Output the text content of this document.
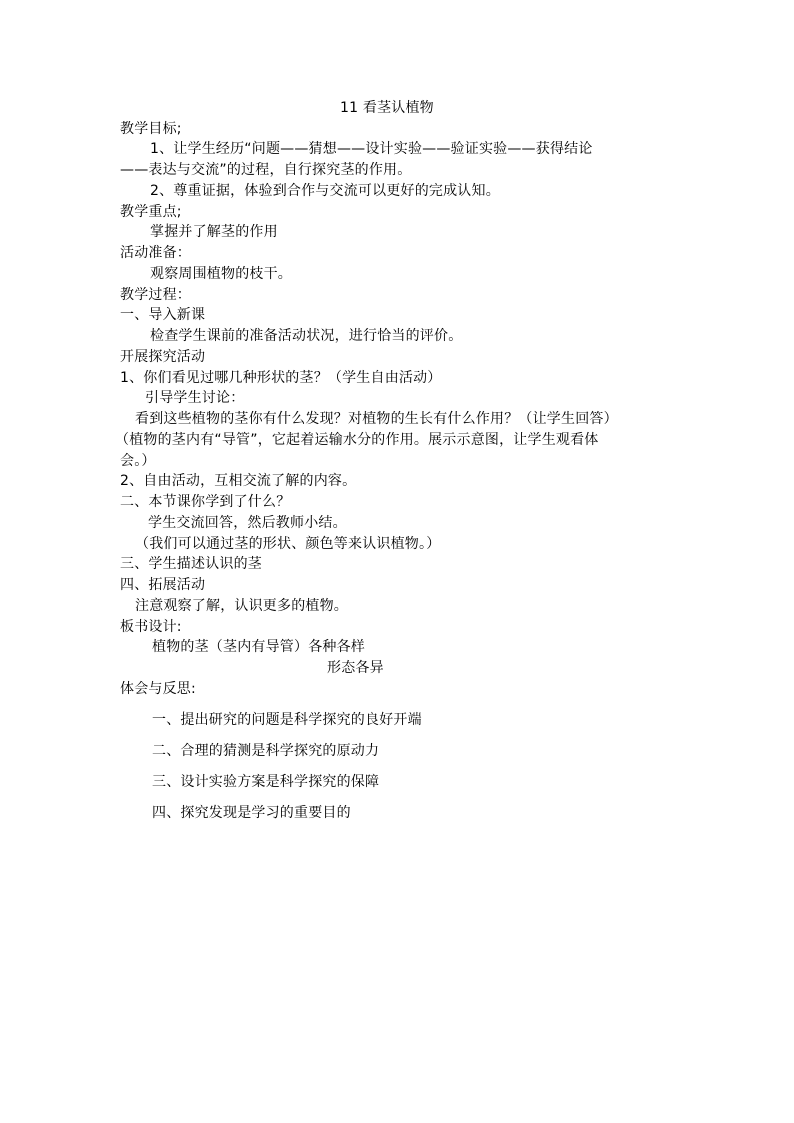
11 看茎认植物
教学目标;
1、让学生经历“问题——猜想——设计实验——验证实验——获得结论
——表达与交流”的过程，自行探究茎的作用。
2、尊重证据，体验到合作与交流可以更好的完成认知。
教学重点;
掌握并了解茎的作用
活动准备：
观察周围植物的枝干。
教学过程：
一、导入新课
检查学生课前的准备活动状况，进行恰当的评价。
开展探究活动
1、你们看见过哪几种形状的茎？（学生自由活动）
引导学生讨论：
看到这些植物的茎你有什么发现？对植物的生长有什么作用？（让学生回答）
（植物的茎内有“导管”，它起着运输水分的作用。展示示意图，让学生观看体
会。）
2、自由活动，互相交流了解的内容。
二、本节课你学到了什么？
学生交流回答，然后教师小结。
（我们可以通过茎的形状、颜色等来认识植物。）
三、学生描述认识的茎
四、拓展活动
注意观察了解，认识更多的植物。
板书设计:
植物的茎（茎内有导管）各种各样
形态各异
体会与反思:
一、提出研究的问题是科学探究的良好开端
二、合理的猜测是科学探究的原动力
三、设计实验方案是科学探究的保障
四、探究发现是学习的重要目的
